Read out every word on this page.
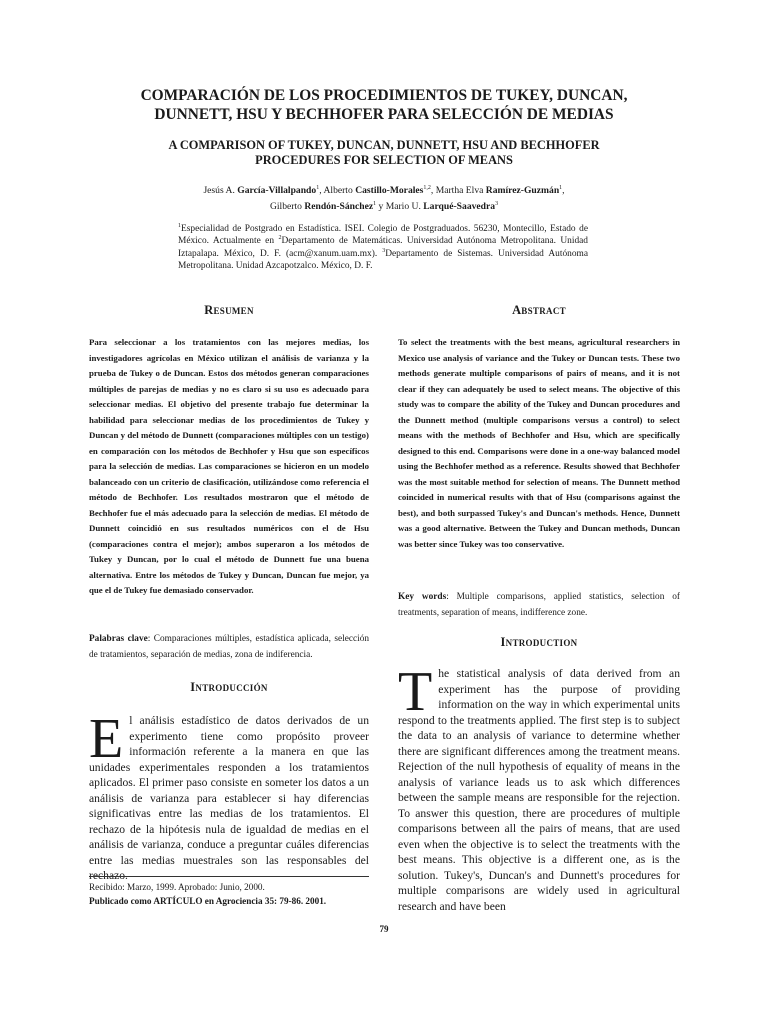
COMPARACIÓN DE LOS PROCEDIMIENTOS DE TUKEY, DUNCAN,
DUNNETT, HSU Y BECHHOFER PARA SELECCIÓN DE MEDIAS
A COMPARISON OF TUKEY, DUNCAN, DUNNETT, HSU AND BECHHOFER
PROCEDURES FOR SELECTION OF MEANS
Jesús A. García-Villalpando$^1$, Alberto Castillo-Morales$^{1,2}$, Martha Elva Ramírez-Guzmán$^1$,
Gilberto Rendón-Sánchez$^1$ y Mario U. Larqué-Saavedra$^3$
$^1$Especialidad de Postgrado en Estadística. ISEI. Colegio de Postgraduados. 56230, Montecillo, Estado de México. Actualmente en $^2$Departamento de Matemáticas. Universidad Autónoma Metropolitana. Unidad Iztapalapa. México, D. F. (acm@xanum.uam.mx). $^3$Departamento de Sistemas. Universidad Autónoma Metropolitana. Unidad Azcapotzalco. México, D. F.
Resumen

Para seleccionar a los tratamientos con las mejores medias, los investigadores agrícolas en México utilizan el análisis de varianza y la prueba de Tukey o de Duncan. Estos dos métodos generan comparaciones múltiples de parejas de medias y no es claro si su uso es adecuado para seleccionar medias. El objetivo del presente trabajo fue determinar la habilidad para seleccionar medias de los procedimientos de Tukey y Duncan y del método de Dunnett (comparaciones múltiples con un testigo) en comparación con los métodos de Bechhofer y Hsu que son específicos para la selección de medias. Las comparaciones se hicieron en un modelo balanceado con un criterio de clasificación, utilizándose como referencia el método de Bechhofer. Los resultados mostraron que el método de Bechhofer fue el más adecuado para la selección de medias. El método de Dunnett coincidió en sus resultados numéricos con el de Hsu (comparaciones contra el mejor); ambos superaron a los métodos de Tukey y Duncan, por lo cual el método de Dunnett fue una buena alternativa. Entre los métodos de Tukey y Duncan, Duncan fue mejor, ya que el de Tukey fue demasiado conservador.

Palabras clave: Comparaciones múltiples, estadística aplicada, selección de tratamientos, separación de medias, zona de indiferencia.

Introducción

El análisis estadístico de datos derivados de un experimento tiene como propósito proveer información referente a la manera en que las unidades experimentales responden a los tratamientos aplicados. El primer paso consiste en someter los datos a un análisis de varianza para establecer si hay diferencias significativas entre las medias de los tratamientos. El rechazo de la hipótesis nula de igualdad de medias en el análisis de varianza, conduce a preguntar cuáles diferencias entre las medias muestrales son las responsables del rechazo.

Abstract

To select the treatments with the best means, agricultural researchers in Mexico use analysis of variance and the Tukey or Duncan tests. These two methods generate multiple comparisons of pairs of means, and it is not clear if they can adequately be used to select means. The objective of this study was to compare the ability of the Tukey and Duncan procedures and the Dunnett method (multiple comparisons versus a control) to select means with the methods of Bechhofer and Hsu, which are specifically designed to this end. Comparisons were done in a one-way balanced model using the Bechhofer method as a reference. Results showed that Bechhofer was the most suitable method for selection of means. The Dunnett method coincided in numerical results with that of Hsu (comparisons against the best), and both surpassed Tukey's and Duncan's methods. Hence, Dunnett was a good alternative. Between the Tukey and Duncan methods, Duncan was better since Tukey was too conservative.

Key words: Multiple comparisons, applied statistics, selection of treatments, separation of means, indifference zone.

Introduction

The statistical analysis of data derived from an experiment has the purpose of providing information on the way in which experimental units respond to the treatments applied. The first step is to subject the data to an analysis of variance to determine whether there are significant differences among the treatment means. Rejection of the null hypothesis of equality of means in the analysis of variance leads us to ask which differences between the sample means are responsible for the rejection. To answer this question, there are procedures of multiple comparisons between all the pairs of means, that are used even when the objective is to select the treatments with the best means. This objective is a different one, as is the solution. Tukey's, Duncan's and Dunnett's procedures for multiple comparisons are widely used in agricultural research and have been

Recibido: Marzo, 1999. Aprobado: Junio, 2000.
Publicado como ARTÍCULO en Agrociencia 35: 79-86. 2001.
79
